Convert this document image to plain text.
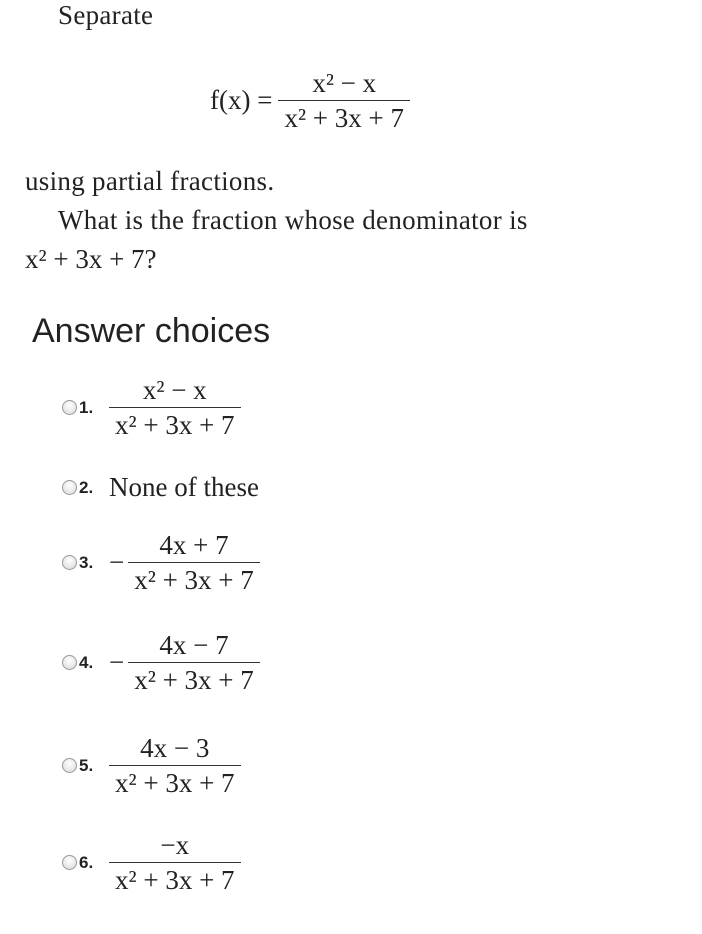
Separate
$f(x) = \frac{\text{x² − x}}{\text{x² + 3x + 7}}$
using partial fractions.
What is the fraction whose denominator is
x² + 3x + 7?
Answer choices
1. $\frac{\text{x² − x}}{\text{x² + 3x + 7}}$
2. None of these
3. − $\frac{4x + 7}{\text{x² + 3x + 7}}$
4. − $\frac{4x - 7}{\text{x² + 3x + 7}}$
5. $\frac{4x - 3}{\text{x² + 3x + 7}}$
6. $\frac{-x}{\text{x² + 3x + 7}}$
